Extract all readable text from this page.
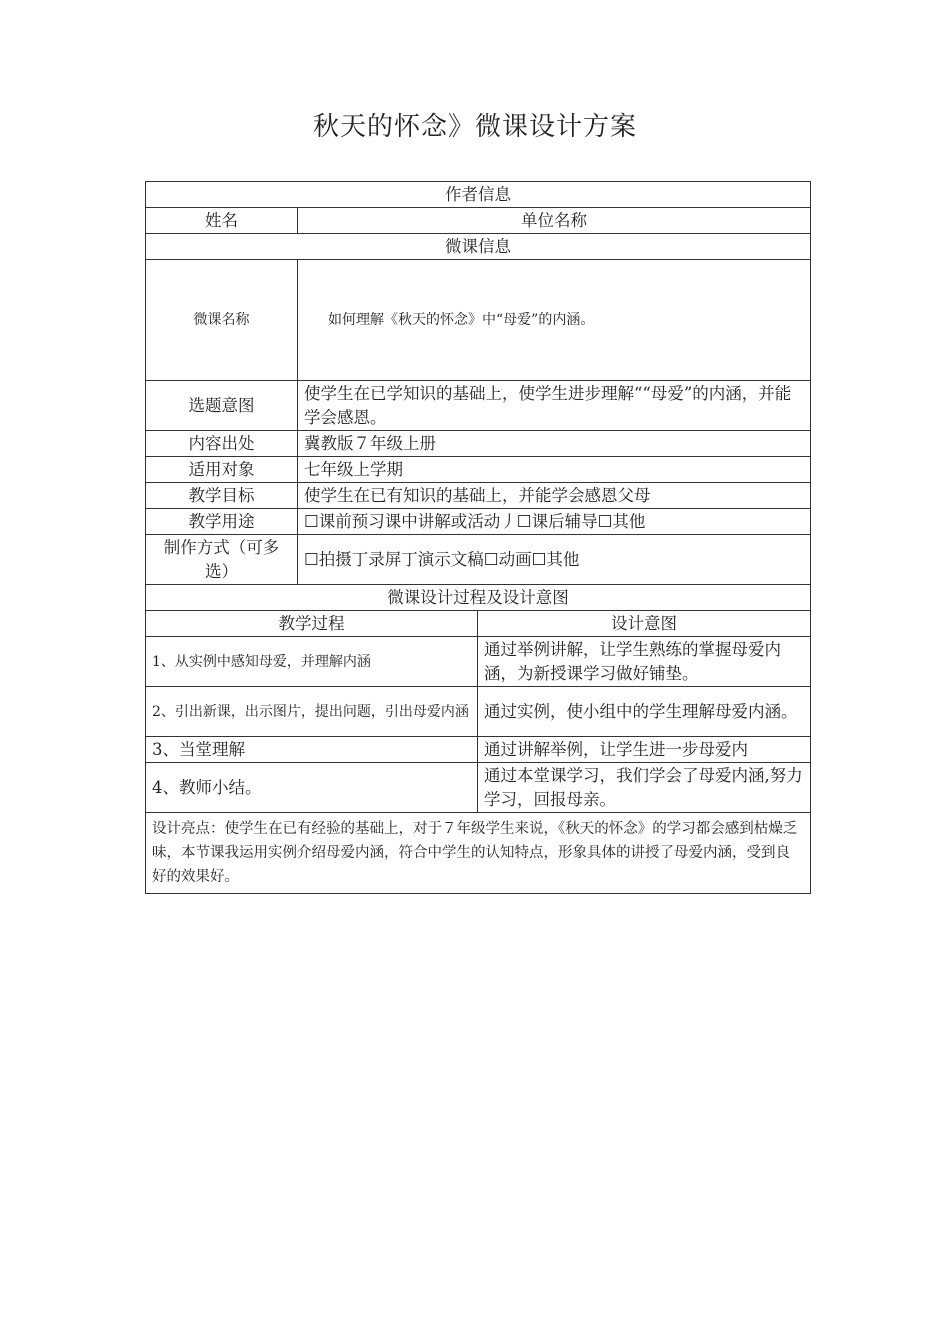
秋天的怀念》微课设计方案
作者信息		
姓名	单位名称	
微课信息		
微课名称	如何理解《秋天的怀念》中“母爱”的内涵。	
选题意图	使学生在已学知识的基础上，使学生进步理解““母爱”的内涵，并能学会感恩。	
内容出处	冀教版７年级上册	
适用对象	七年级上学期	
教学目标	使学生在已有知识的基础上，并能学会感恩父母	
教学用途	☐课前预习课中讲解或活动丿☐课后辅导☐其他	
制作方式（可多选）	☐拍摄丁录屏丁演示文稿☐动画☐其他	
微课设计过程及设计意图		
教学过程		设计意图
1、从实例中感知母爱，并理解内涵		通过举例讲解，让学生熟练的掌握母爱内涵，为新授课学习做好铺垫。
2、引出新课，出示图片，提出问题，引出母爱内涵		通过实例，使小组中的学生理解母爱内涵。
3、当堂理解		通过讲解举例，让学生进一步母爱内
4、教师小结。		通过本堂课学习，我们学会了母爱内涵,努力学习，回报母亲。
设计亮点：使学生在已有经验的基础上，对于７年级学生来说，《秋天的怀念》的学习都会感到枯燥乏味，本节课我运用实例介绍母爱内涵，符合中学生的认知特点，形象具体的讲授了母爱内涵，受到良好的效果好。		
